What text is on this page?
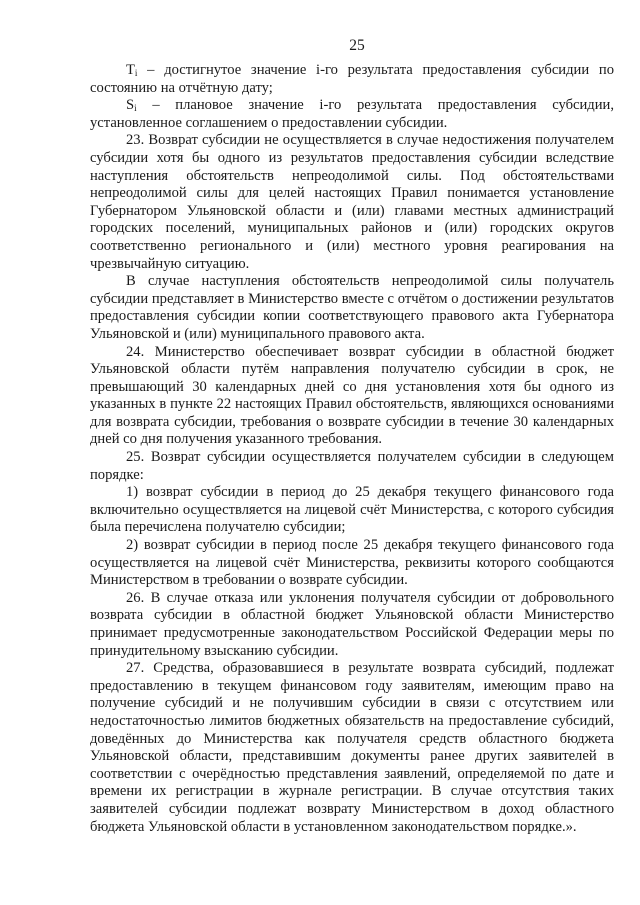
25

$T_i$ – достигнутое значение i-го результата предоставления субсидии по состоянию на отчётную дату;

$S_i$ – плановое значение i-го результата предоставления субсидии, установленное соглашением о предоставлении субсидии.

23. Возврат субсидии не осуществляется в случае недостижения получателем субсидии хотя бы одного из результатов предоставления субсидии вследствие наступления обстоятельств непреодолимой силы. Под обстоятельствами непреодолимой силы для целей настоящих Правил понимается установление Губернатором Ульяновской области и (или) главами местных администраций городских поселений, муниципальных районов и (или) городских округов соответственно регионального и (или) местного уровня реагирования на чрезвычайную ситуацию.

В случае наступления обстоятельств непреодолимой силы получатель субсидии представляет в Министерство вместе с отчётом о достижении результатов предоставления субсидии копии соответствующего правового акта Губернатора Ульяновской и (или) муниципального правового акта.

24. Министерство обеспечивает возврат субсидии в областной бюджет Ульяновской области путём направления получателю субсидии в срок, не превышающий 30 календарных дней со дня установления хотя бы одного из указанных в пункте 22 настоящих Правил обстоятельств, являющихся основаниями для возврата субсидии, требования о возврате субсидии в течение 30 календарных дней со дня получения указанного требования.

25. Возврат субсидии осуществляется получателем субсидии в следующем порядке:

1) возврат субсидии в период до 25 декабря текущего финансового года включительно осуществляется на лицевой счёт Министерства, с которого субсидия была перечислена получателю субсидии;

2) возврат субсидии в период после 25 декабря текущего финансового года осуществляется на лицевой счёт Министерства, реквизиты которого сообщаются Министерством в требовании о возврате субсидии.

26. В случае отказа или уклонения получателя субсидии от добровольного возврата субсидии в областной бюджет Ульяновской области Министерство принимает предусмотренные законодательством Российской Федерации меры по принудительному взысканию субсидии.

27. Средства, образовавшиеся в результате возврата субсидий, подлежат предоставлению в текущем финансовом году заявителям, имеющим право на получение субсидий и не получившим субсидии в связи с отсутствием или недостаточностью лимитов бюджетных обязательств на предоставление субсидий, доведённых до Министерства как получателя средств областного бюджета Ульяновской области, представившим документы ранее других заявителей в соответствии с очерёдностью представления заявлений, определяемой по дате и времени их регистрации в журнале регистрации. В случае отсутствия таких заявителей субсидии подлежат возврату Министерством в доход областного бюджета Ульяновской области в установленном законодательством порядке.».
